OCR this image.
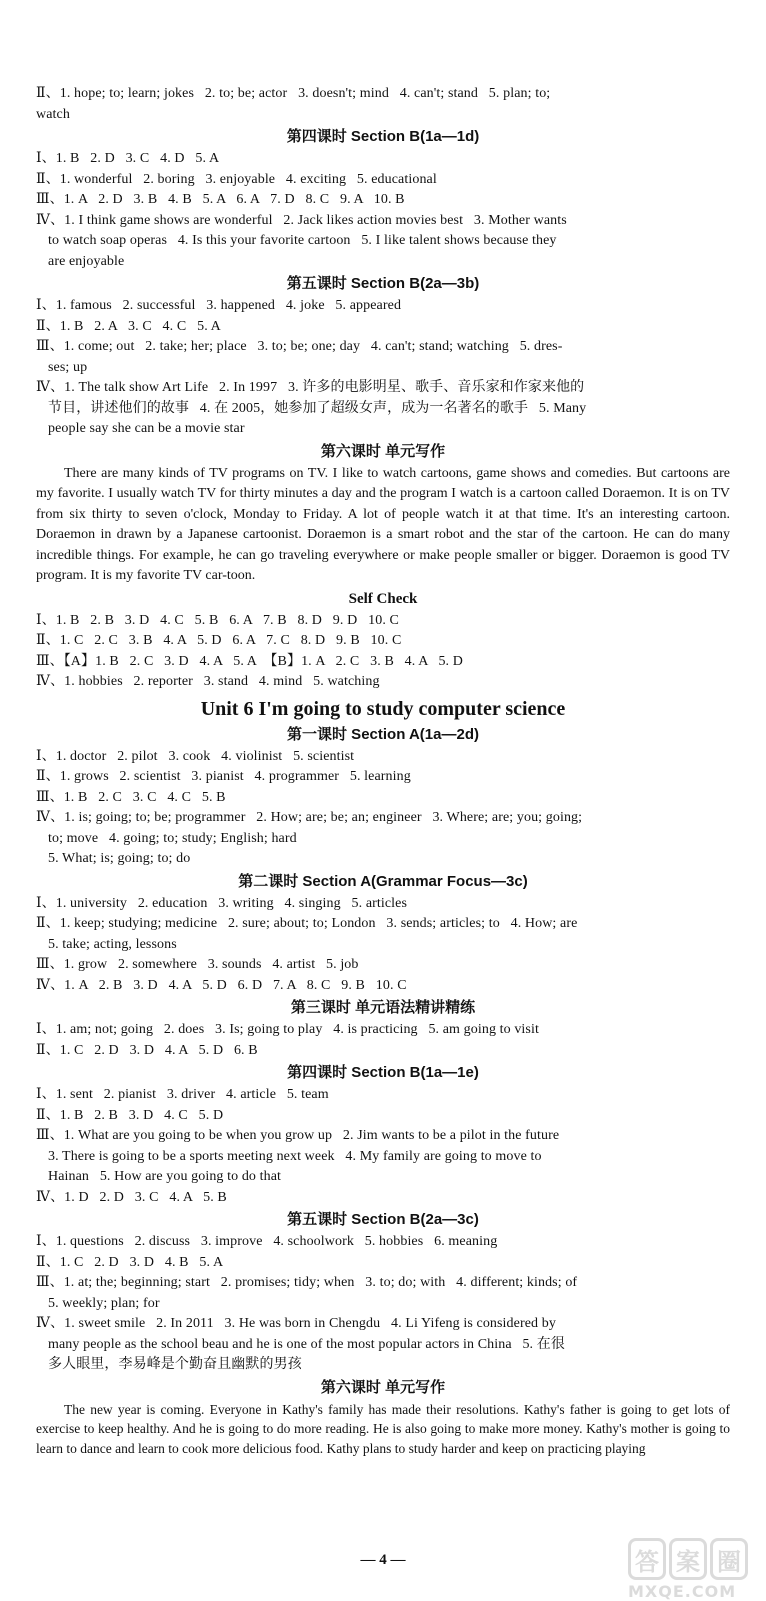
Ⅱ、1. hope; to; learn; jokes   2. to; be; actor   3. doesn't; mind   4. can't; stand   5. plan; to;
watch
第四课时 Section B(1a—1d)
Ⅰ、1. B   2. D   3. C   4. D   5. A
Ⅱ、1. wonderful   2. boring   3. enjoyable   4. exciting   5. educational
Ⅲ、1. A   2. D   3. B   4. B   5. A   6. A   7. D   8. C   9. A   10. B
Ⅳ、1. I think game shows are wonderful   2. Jack likes action movies best   3. Mother wants
to watch soap operas   4. Is this your favorite cartoon   5. I like talent shows because they
are enjoyable
第五课时 Section B(2a—3b)
Ⅰ、1. famous   2. successful   3. happened   4. joke   5. appeared
Ⅱ、1. B   2. A   3. C   4. C   5. A
Ⅲ、1. come; out   2. take; her; place   3. to; be; one; day   4. can't; stand; watching   5. dres-
ses; up
Ⅳ、1. The talk show Art Life   2. In 1997   3. 许多的电影明星、歌手、音乐家和作家来他的
节目，讲述他们的故事   4. 在 2005，她参加了超级女声，成为一名著名的歌手   5. Many
people say she can be a movie star
第六课时 单元写作
There are many kinds of TV programs on TV. I like to watch cartoons, game shows and comedies. But cartoons are my favorite. I usually watch TV for thirty minutes a day and the program I watch is a cartoon called Doraemon. It is on TV from six thirty to seven o'clock, Monday to Friday. A lot of people watch it at that time. It's an interesting cartoon. Doraemon in drawn by a Japanese cartoonist. Doraemon is a smart robot and the star of the cartoon. He can do many incredible things. For example, he can go traveling everywhere or make people smaller or bigger. Doraemon is good TV program. It is my favorite TV car-toon.
Self Check
Ⅰ、1. B   2. B   3. D   4. C   5. B   6. A   7. B   8. D   9. D   10. C
Ⅱ、1. C   2. C   3. B   4. A   5. D   6. A   7. C   8. D   9. B   10. C
Ⅲ、【A】1. B   2. C   3. D   4. A   5. A  【B】1. A   2. C   3. B   4. A   5. D
Ⅳ、1. hobbies   2. reporter   3. stand   4. mind   5. watching
Unit 6 I'm going to study computer science
第一课时 Section A(1a—2d)
Ⅰ、1. doctor   2. pilot   3. cook   4. violinist   5. scientist
Ⅱ、1. grows   2. scientist   3. pianist   4. programmer   5. learning
Ⅲ、1. B   2. C   3. C   4. C   5. B
Ⅳ、1. is; going; to; be; programmer   2. How; are; be; an; engineer   3. Where; are; you; going;
to; move   4. going; to; study; English; hard
5. What; is; going; to; do
第二课时 Section A(Grammar Focus—3c)
Ⅰ、1. university   2. education   3. writing   4. singing   5. articles
Ⅱ、1. keep; studying; medicine   2. sure; about; to; London   3. sends; articles; to   4. How; are
5. take; acting, lessons
Ⅲ、1. grow   2. somewhere   3. sounds   4. artist   5. job
Ⅳ、1. A   2. B   3. D   4. A   5. D   6. D   7. A   8. C   9. B   10. C
第三课时 单元语法精讲精练
Ⅰ、1. am; not; going   2. does   3. Is; going to play   4. is practicing   5. am going to visit
Ⅱ、1. C   2. D   3. D   4. A   5. D   6. B
第四课时 Section B(1a—1e)
Ⅰ、1. sent   2. pianist   3. driver   4. article   5. team
Ⅱ、1. B   2. B   3. D   4. C   5. D
Ⅲ、1. What are you going to be when you grow up   2. Jim wants to be a pilot in the future
3. There is going to be a sports meeting next week   4. My family are going to move to
Hainan   5. How are you going to do that
Ⅳ、1. D   2. D   3. C   4. A   5. B
第五课时 Section B(2a—3c)
Ⅰ、1. questions   2. discuss   3. improve   4. schoolwork   5. hobbies   6. meaning
Ⅱ、1. C   2. D   3. D   4. B   5. A
Ⅲ、1. at; the; beginning; start   2. promises; tidy; when   3. to; do; with   4. different; kinds; of
5. weekly; plan; for
Ⅳ、1. sweet smile   2. In 2011   3. He was born in Chengdu   4. Li Yifeng is considered by
many people as the school beau and he is one of the most popular actors in China   5. 在很
多人眼里，李易峰是个勤奋且幽默的男孩
第六课时 单元写作
The new year is coming. Everyone in Kathy's family has made their resolutions. Kathy's father is going to get lots of exercise to keep healthy. And he is going to do more reading. He is also going to make more money. Kathy's mother is going to learn to dance and learn to cook more delicious food. Kathy plans to study harder and keep on practicing playing
— 4 —	答 案 圈
MXQE.COM
